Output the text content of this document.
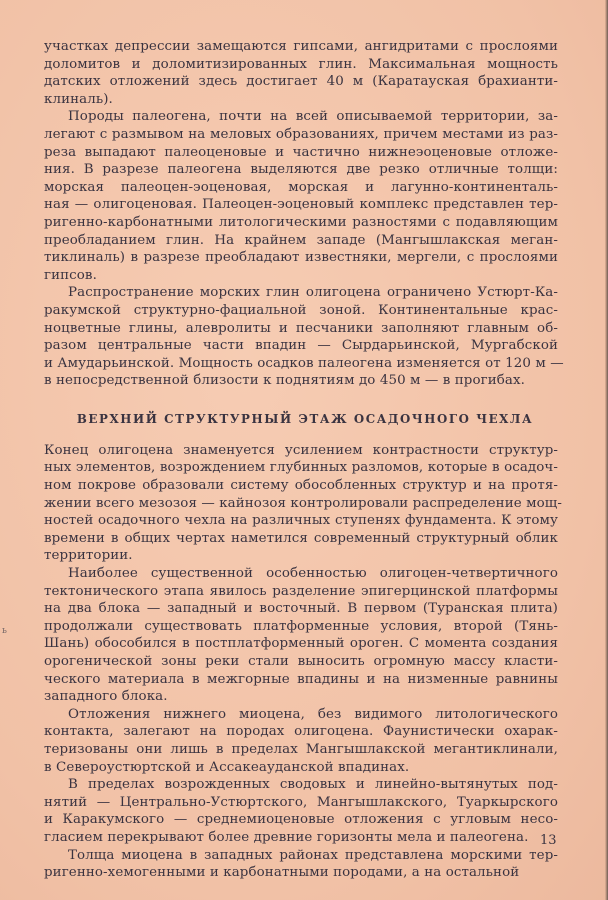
ь
участках депрессии замещаются гипсами, ангидритами с прослоями
доломитов и доломитизированных глин. Максимальная мощность
датских отложений здесь достигает 40 м (Каратауская брахианти-
клиналь).
Породы палеогена, почти на всей описываемой территории, за-
легают с размывом на меловых образованиях, причем местами из раз-
реза выпадают палеоценовые и частично нижнеэоценовые отложе-
ния. В разрезе палеогена выделяются две резко отличные толщи:
морская палеоцен-эоценовая, морская и лагунно-континенталь-
ная — олигоценовая. Палеоцен-эоценовый комплекс представлен тер-
ригенно-карбонатными литологическими разностями с подавляющим
преобладанием глин. На крайнем западе (Мангышлакская меган-
тиклиналь) в разрезе преобладают известняки, мергели, с прослоями
гипсов.
Распространение морских глин олигоцена ограничено Устюрт-Ка-
ракумской структурно-фациальной зоной. Континентальные крас-
ноцветные глины, алевролиты и песчаники заполняют главным об-
разом центральные части впадин — Сырдарьинской, Мургабской
и Амударьинской. Мощность осадков палеогена изменяется от 120 м —
в непосредственной близости к поднятиям до 450 м — в прогибах.
ВЕРХНИЙ СТРУКТУРНЫЙ ЭТАЖ ОСАДОЧНОГО ЧЕХЛА
Конец олигоцена знаменуется усилением контрастности структур-
ных элементов, возрождением глубинных разломов, которые в осадоч-
ном покрове образовали систему обособленных структур и на протя-
жении всего мезозоя — кайнозоя контролировали распределение мощ-
ностей осадочного чехла на различных ступенях фундамента. К этому
времени в общих чертах наметился современный структурный облик
территории.
Наиболее существенной особенностью олигоцен-четвертичного
тектонического этапа явилось разделение эпигерцинской платформы
на два блока — западный и восточный. В первом (Туранская плита)
продолжали существовать платформенные условия, второй (Тянь-
Шань) обособился в постплатформенный ороген. С момента создания
орогенической зоны реки стали выносить огромную массу класти-
ческого материала в межгорные впадины и на низменные равнины
западного блока.
Отложения нижнего миоцена, без видимого литологического
контакта, залегают на породах олигоцена. Фаунистически охарак-
теризованы они лишь в пределах Мангышлакской мегантиклинали,
в Североустюртской и Ассакеауданской впадинах.
В пределах возрожденных сводовых и линейно-вытянутых под-
нятий — Центрально-Устюртского, Мангышлакского, Туаркырского
и Каракумского — среднемиоценовые отложения с угловым несо-
гласием перекрывают более древние горизонты мела и палеогена.
Толща миоцена в западных районах представлена морскими тер-
ригенно-хемогенными и карбонатными породами, а на остальной
13
